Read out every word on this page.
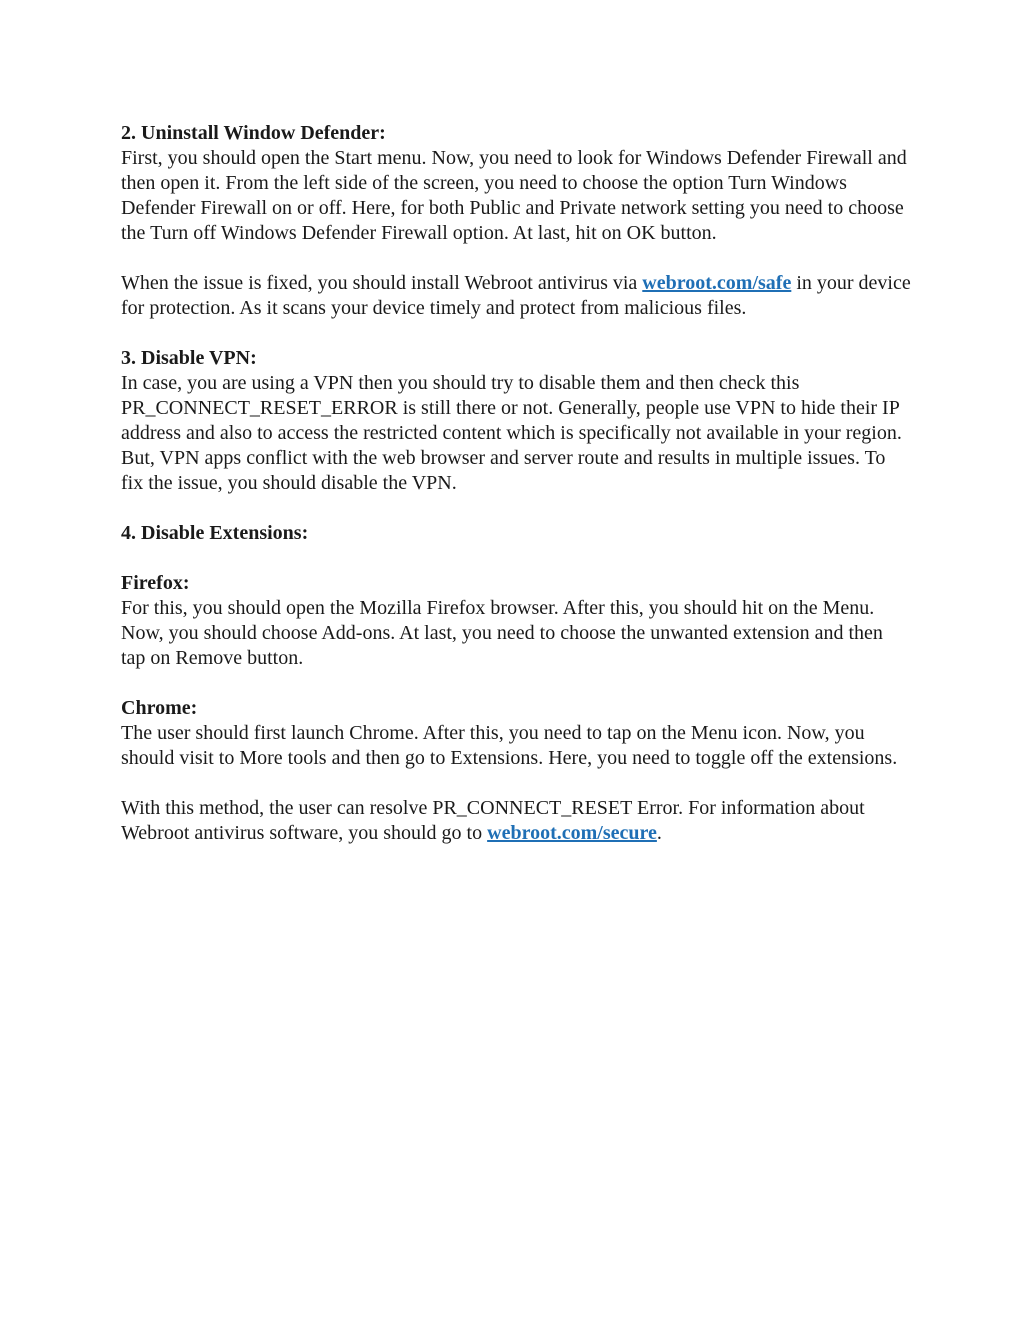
2. Uninstall Window Defender:
First, you should open the Start menu. Now, you need to look for Windows Defender Firewall and then open it. From the left side of the screen, you need to choose the option Turn Windows Defender Firewall on or off. Here, for both Public and Private network setting you need to choose the Turn off Windows Defender Firewall option. At last, hit on OK button.
When the issue is fixed, you should install Webroot antivirus via webroot.com/safe in your device for protection. As it scans your device timely and protect from malicious files.
3. Disable VPN:
In case, you are using a VPN then you should try to disable them and then check this PR_CONNECT_RESET_ERROR is still there or not. Generally, people use VPN to hide their IP address and also to access the restricted content which is specifically not available in your region. But, VPN apps conflict with the web browser and server route and results in multiple issues. To fix the issue, you should disable the VPN.
4. Disable Extensions:
Firefox:
For this, you should open the Mozilla Firefox browser. After this, you should hit on the Menu. Now, you should choose Add-ons. At last, you need to choose the unwanted extension and then tap on Remove button.
Chrome:
The user should first launch Chrome. After this, you need to tap on the Menu icon. Now, you should visit to More tools and then go to Extensions. Here, you need to toggle off the extensions.
With this method, the user can resolve PR_CONNECT_RESET Error. For information about Webroot antivirus software, you should go to webroot.com/secure.
